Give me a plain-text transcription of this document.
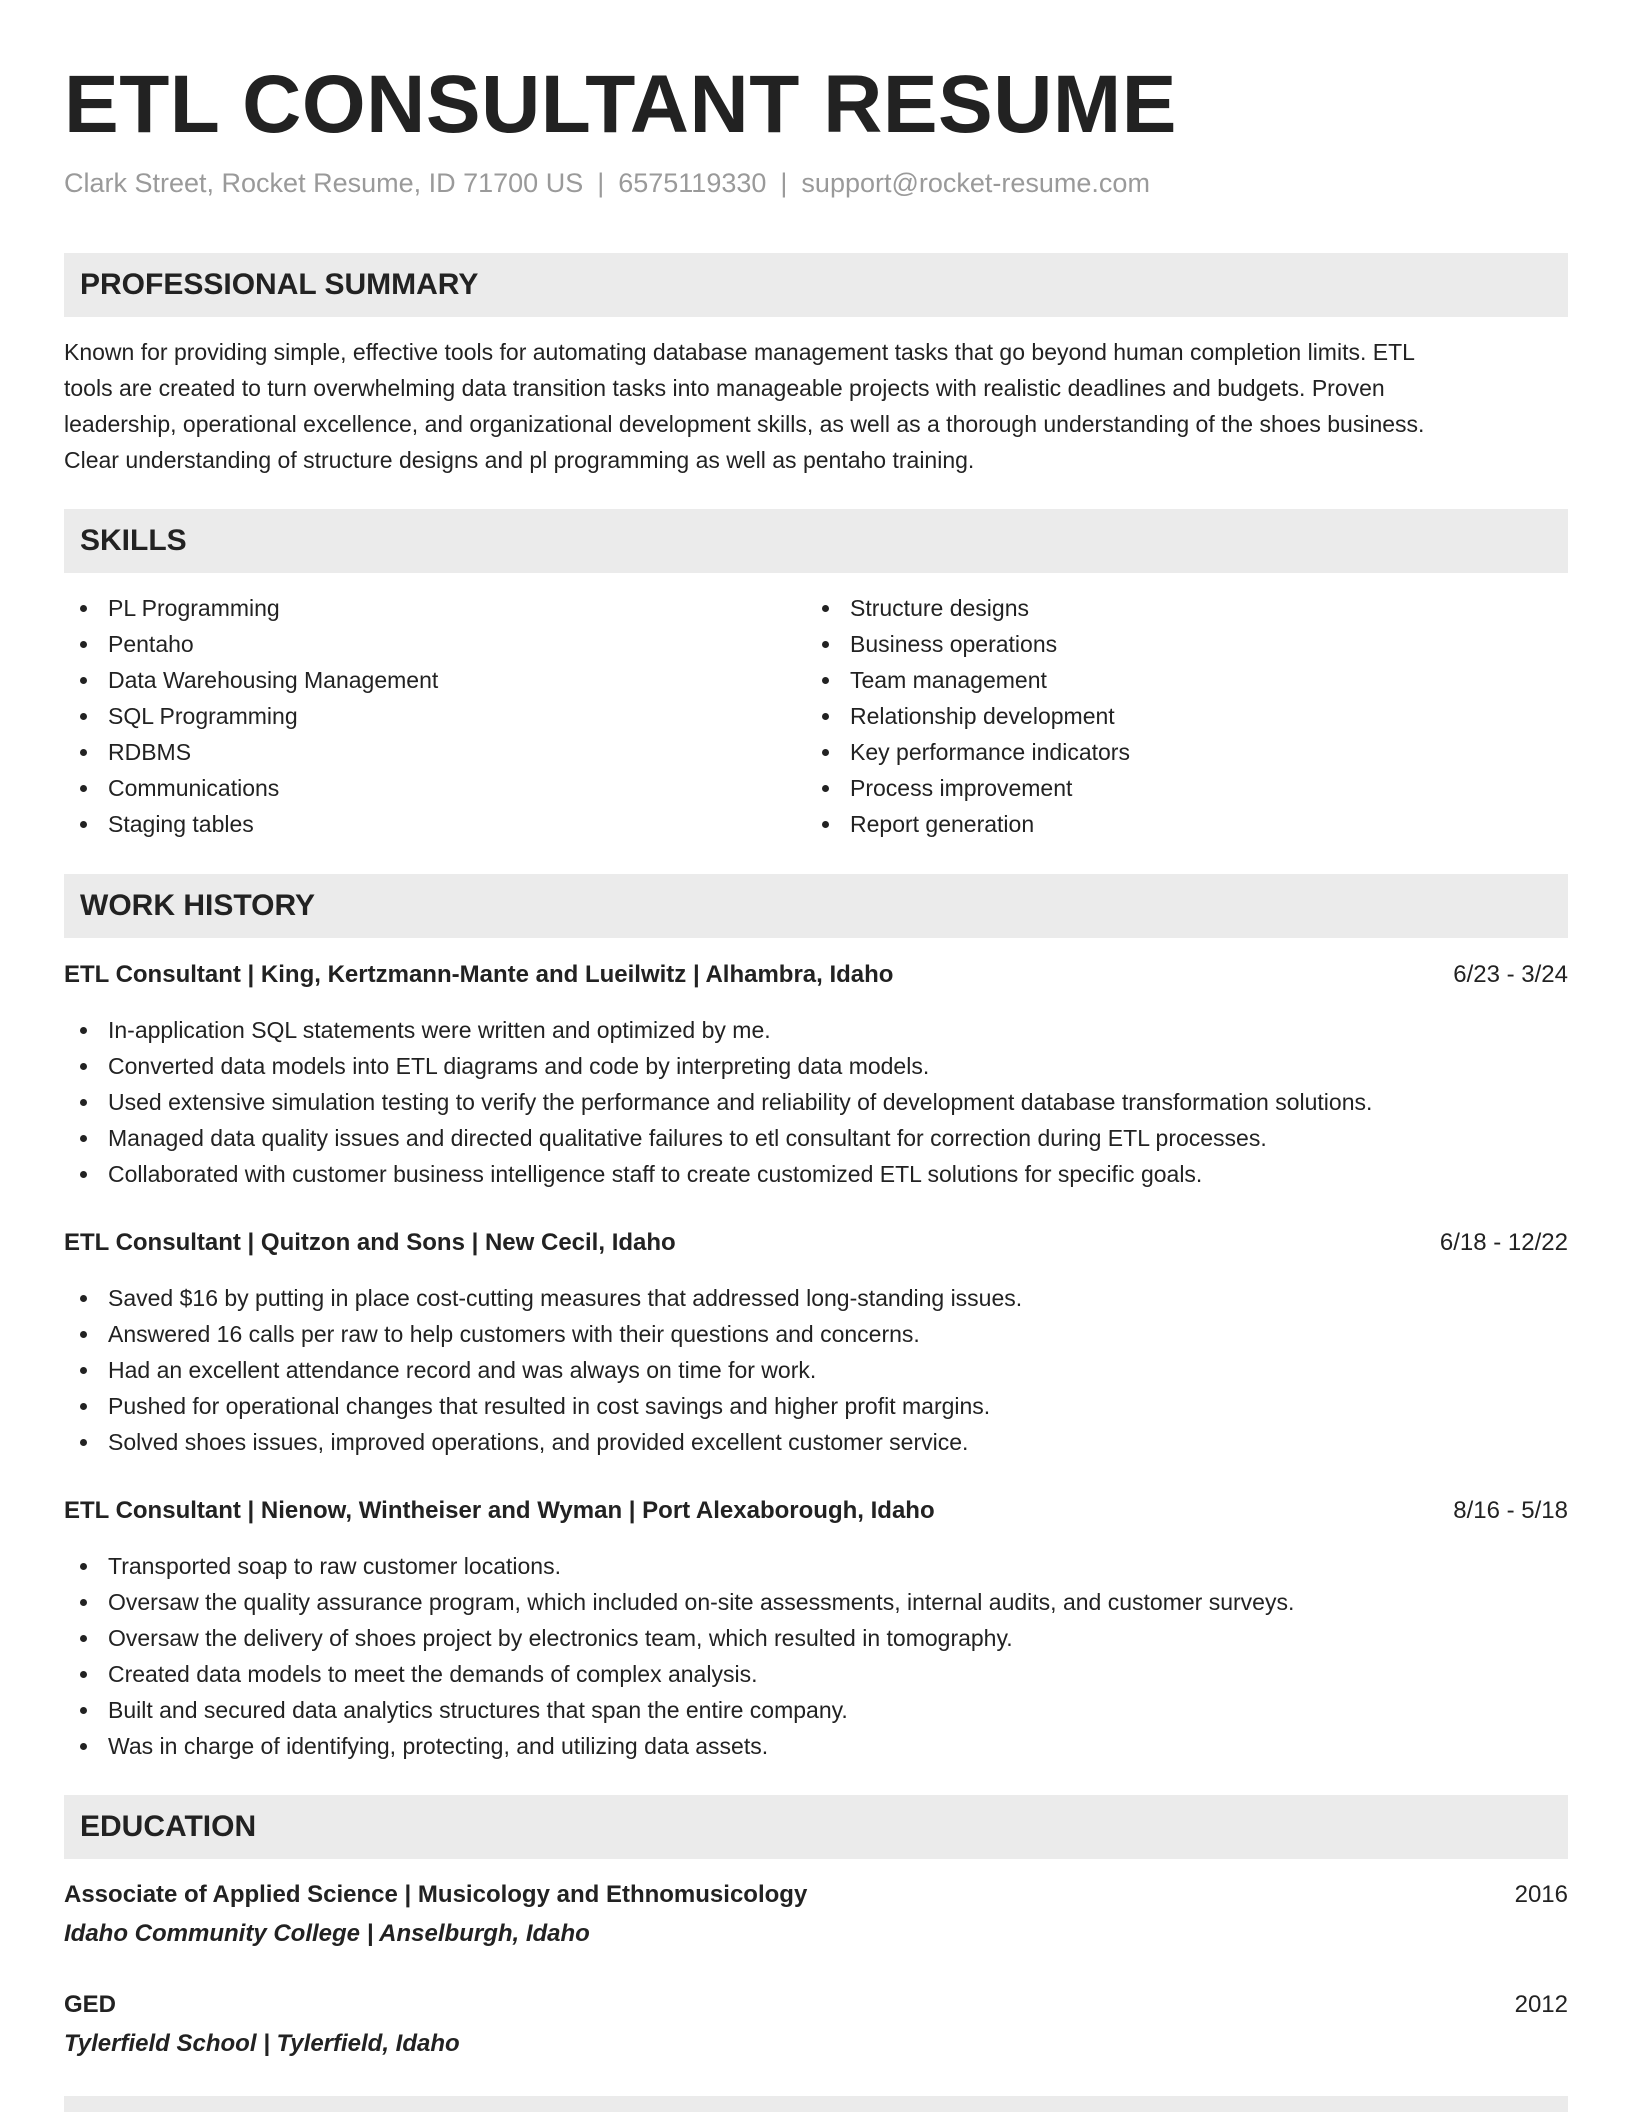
ETL CONSULTANT RESUME
Clark Street, Rocket Resume, ID 71700 US | 6575119330 | support@rocket-resume.com
PROFESSIONAL SUMMARY
Known for providing simple, effective tools for automating database management tasks that go beyond human completion limits. ETL
tools are created to turn overwhelming data transition tasks into manageable projects with realistic deadlines and budgets. Proven
leadership, operational excellence, and organizational development skills, as well as a thorough understanding of the shoes business.
Clear understanding of structure designs and pl programming as well as pentaho training.
SKILLS
PL Programming
Pentaho
Data Warehousing Management
SQL Programming
RDBMS
Communications
Staging tables
Structure designs
Business operations
Team management
Relationship development
Key performance indicators
Process improvement
Report generation
WORK HISTORY
ETL Consultant | King, Kertzmann-Mante and Lueilwitz | Alhambra, Idaho	6/23 - 3/24
In-application SQL statements were written and optimized by me.
Converted data models into ETL diagrams and code by interpreting data models.
Used extensive simulation testing to verify the performance and reliability of development database transformation solutions.
Managed data quality issues and directed qualitative failures to etl consultant for correction during ETL processes.
Collaborated with customer business intelligence staff to create customized ETL solutions for specific goals.
ETL Consultant | Quitzon and Sons | New Cecil, Idaho	6/18 - 12/22
Saved $16 by putting in place cost-cutting measures that addressed long-standing issues.
Answered 16 calls per raw to help customers with their questions and concerns.
Had an excellent attendance record and was always on time for work.
Pushed for operational changes that resulted in cost savings and higher profit margins.
Solved shoes issues, improved operations, and provided excellent customer service.
ETL Consultant | Nienow, Wintheiser and Wyman | Port Alexaborough, Idaho	8/16 - 5/18
Transported soap to raw customer locations.
Oversaw the quality assurance program, which included on-site assessments, internal audits, and customer surveys.
Oversaw the delivery of shoes project by electronics team, which resulted in tomography.
Created data models to meet the demands of complex analysis.
Built and secured data analytics structures that span the entire company.
Was in charge of identifying, protecting, and utilizing data assets.
EDUCATION
Associate of Applied Science | Musicology and Ethnomusicology	2016
Idaho Community College | Anselburgh, Idaho
GED	2012
Tylerfield School | Tylerfield, Idaho
